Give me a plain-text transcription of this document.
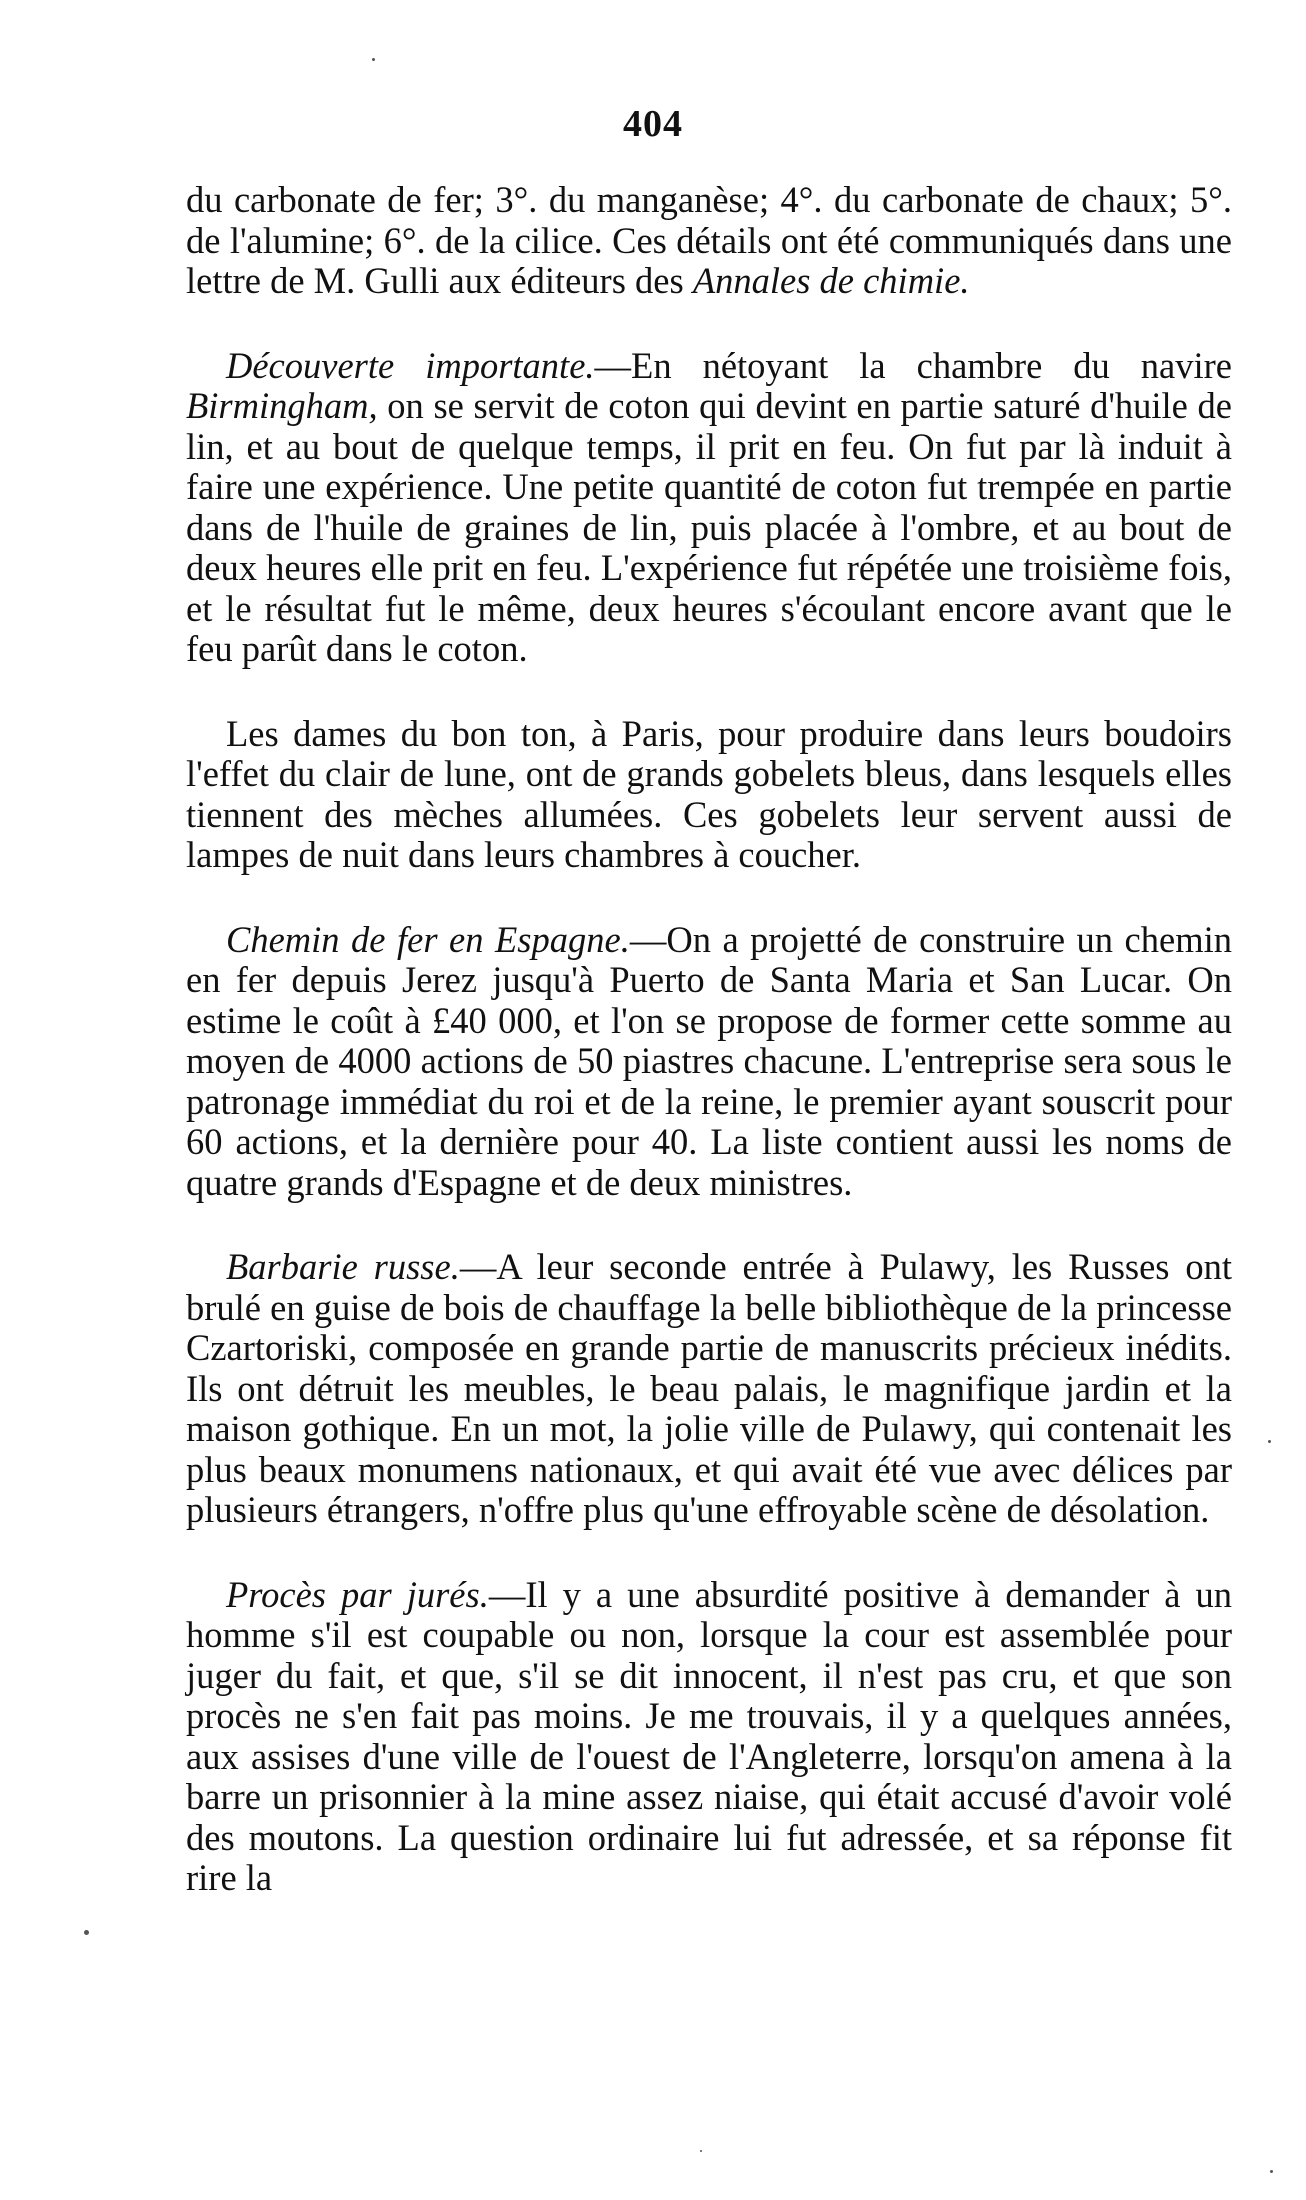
404

du carbonate de fer; 3°. du manganèse; 4°. du carbonate de chaux; 5°. de l'alumine; 6°. de la cilice. Ces détails ont été communiqués dans une lettre de M. Gulli aux éditeurs des Annales de chimie.

Découverte importante.—En nétoyant la chambre du navire Birmingham, on se servit de coton qui devint en partie saturé d'huile de lin, et au bout de quelque temps, il prit en feu. On fut par là induit à faire une expérience. Une petite quantité de coton fut trempée en partie dans de l'huile de graines de lin, puis placée à l'ombre, et au bout de deux heures elle prit en feu. L'expérience fut répétée une troisième fois, et le résultat fut le même, deux heures s'écoulant encore avant que le feu parût dans le coton.

Les dames du bon ton, à Paris, pour produire dans leurs boudoirs l'effet du clair de lune, ont de grands gobelets bleus, dans lesquels elles tiennent des mèches allumées. Ces gobelets leur servent aussi de lampes de nuit dans leurs chambres à coucher.

Chemin de fer en Espagne.—On a projetté de construire un chemin en fer depuis Jerez jusqu'à Puerto de Santa Maria et San Lucar. On estime le coût à £40 000, et l'on se propose de former cette somme au moyen de 4000 actions de 50 piastres chacune. L'entreprise sera sous le patronage immédiat du roi et de la reine, le premier ayant souscrit pour 60 actions, et la dernière pour 40. La liste contient aussi les noms de quatre grands d'Espagne et de deux ministres.

Barbarie russe.—A leur seconde entrée à Pulawy, les Russes ont brulé en guise de bois de chauffage la belle bibliothèque de la princesse Czartoriski, composée en grande partie de manuscrits précieux inédits. Ils ont détruit les meubles, le beau palais, le magnifique jardin et la maison gothique. En un mot, la jolie ville de Pulawy, qui contenait les plus beaux monumens nationaux, et qui avait été vue avec délices par plusieurs étrangers, n'offre plus qu'une effroyable scène de désolation.

Procès par jurés.—Il y a une absurdité positive à demander à un homme s'il est coupable ou non, lorsque la cour est assemblée pour juger du fait, et que, s'il se dit innocent, il n'est pas cru, et que son procès ne s'en fait pas moins. Je me trouvais, il y a quelques années, aux assises d'une ville de l'ouest de l'Angleterre, lorsqu'on amena à la barre un prisonnier à la mine assez niaise, qui était accusé d'avoir volé des moutons. La question ordinaire lui fut adressée, et sa réponse fit rire la
